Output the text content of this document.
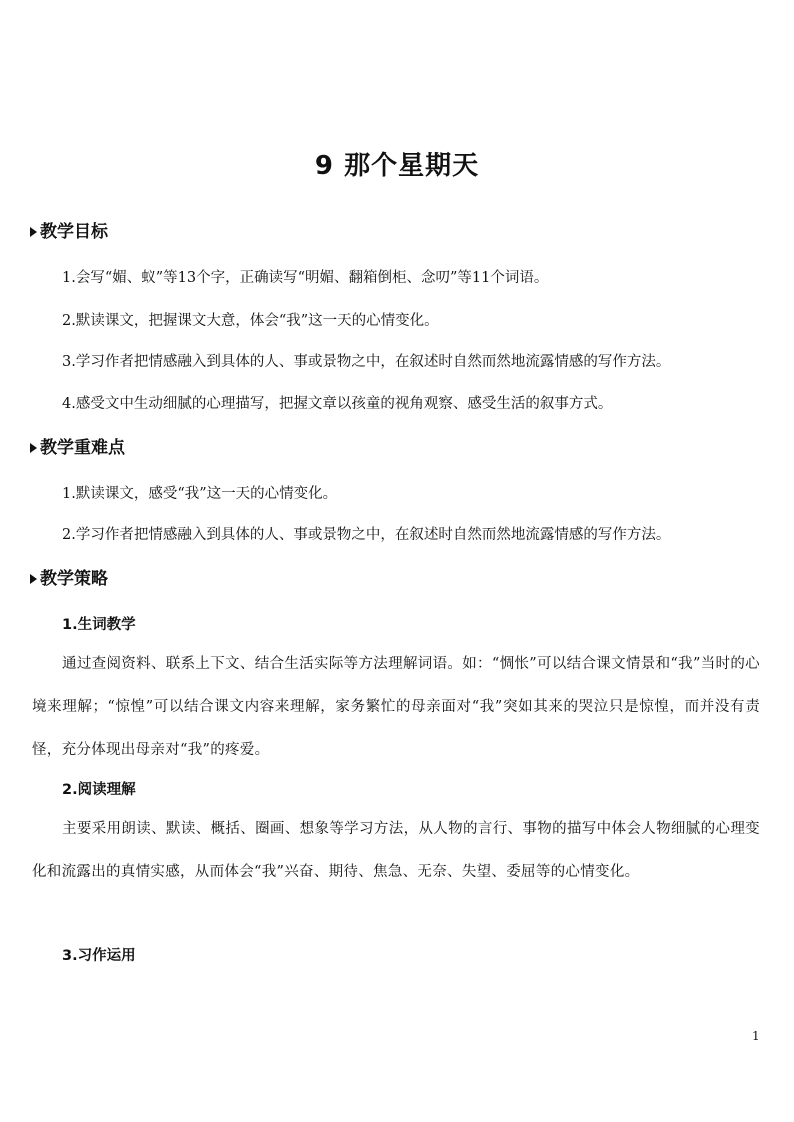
9 那个星期天
教学目标
1.会写“媚、蚁”等13个字，正确读写“明媚、翻箱倒柜、念叨”等11个词语。
2.默读课文，把握课文大意，体会“我”这一天的心情变化。
3.学习作者把情感融入到具体的人、事或景物之中，在叙述时自然而然地流露情感的写作方法。
4.感受文中生动细腻的心理描写，把握文章以孩童的视角观察、感受生活的叙事方式。
教学重难点
1.默读课文，感受“我”这一天的心情变化。
2.学习作者把情感融入到具体的人、事或景物之中，在叙述时自然而然地流露情感的写作方法。
教学策略
1.生词教学
通过查阅资料、联系上下文、结合生活实际等方法理解词语。如：“惆怅”可以结合课文情景和“我”当时的心境来理解；“惊惶”可以结合课文内容来理解，家务繁忙的母亲面对“我”突如其来的哭泣只是惊惶，而并没有责怪，充分体现出母亲对“我”的疼爱。
2.阅读理解
主要采用朗读、默读、概括、圈画、想象等学习方法，从人物的言行、事物的描写中体会人物细腻的心理变化和流露出的真情实感，从而体会“我”兴奋、期待、焦急、无奈、失望、委屈等的心情变化。
3.习作运用
1
